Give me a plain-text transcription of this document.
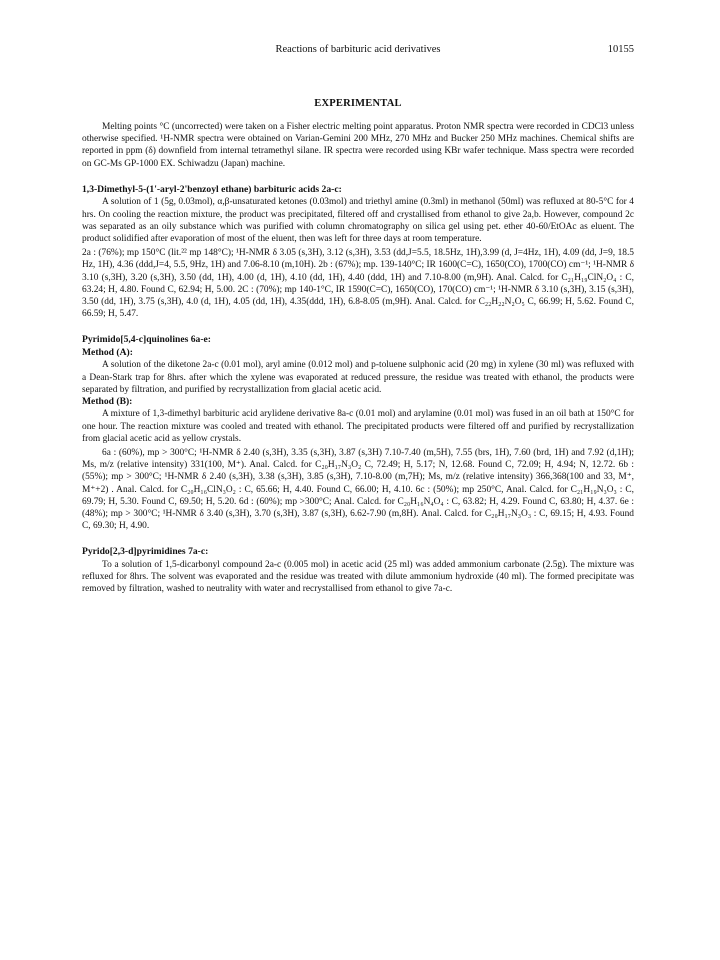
Reactions of barbituric acid derivatives	10155
EXPERIMENTAL

Melting points °C (uncorrected) were taken on a Fisher electric melting point apparatus. Proton NMR spectra were recorded in CDCl3 unless otherwise specified. ¹H-NMR spectra were obtained on Varian-Gemini 200 MHz, 270 MHz and Bucker 250 MHz machines. Chemical shifts are reported in ppm (δ) downfield from internal tetramethyl silane. IR spectra were recorded using KBr wafer technique. Mass spectra were recorded on GC-Ms GP-1000 EX. Schiwadzu (Japan) machine.

1,3-Dimethyl-5-(1'-aryl-2'benzoyl ethane) barbituric acids 2a-c:

A solution of 1 (5g, 0.03mol), α,β-unsaturated ketones (0.03mol) and triethyl amine (0.3ml) in methanol (50ml) was refluxed at 80-5°C for 4 hrs. On cooling the reaction mixture, the product was precipitated, filtered off and crystallised from ethanol to give 2a,b. However, compound 2c was separated as an oily substance which was purified with column chromatography on silica gel using pet. ether 40-60/EtOAc as eluent. The product solidified after evaporation of most of the eluent, then was left for three days at room temperature.

2a : (76%); mp 150°C (lit.²² mp 148°C); ¹H-NMR δ 3.05 (s,3H), 3.12 (s,3H), 3.53 (dd,J=5.5, 18.5Hz, 1H),3.99 (d, J=4Hz, 1H), 4.09 (dd, J=9, 18.5 Hz, 1H), 4.36 (ddd,J=4, 5.5, 9Hz, 1H) and 7.06-8.10 (m,10H). 2b : (67%); mp. 139-140°C; IR 1600(C=C), 1650(CO), 1700(CO) cm⁻¹; ¹H-NMR δ 3.10 (s,3H), 3.20 (s,3H), 3.50 (dd, 1H), 4.00 (d, 1H), 4.10 (dd, 1H), 4.40 (ddd, 1H) and 7.10-8.00 (m,9H). Anal. Calcd. for C₂₁H₁₉ClN₂O₄ : C, 63.24; H, 4.80. Found C, 62.94; H, 5.00. 2C : (70%); mp 140-1°C, IR 1590(C=C), 1650(CO), 170(CO) cm⁻¹; ¹H-NMR δ 3.10 (s,3H), 3.15 (s,3H), 3.50 (dd, 1H), 3.75 (s,3H), 4.0 (d, 1H), 4.05 (dd, 1H), 4.35(ddd, 1H), 6.8-8.05 (m,9H). Anal. Calcd. for C₂₂H₂₂N₂O₅ C, 66.99; H, 5.62. Found C, 66.59; H, 5.47.

Pyrimido[5,4-c]quinolines 6a-e:
Method (A):

A solution of the diketone 2a-c (0.01 mol), aryl amine (0.012 mol) and p-toluene sulphonic acid (20 mg) in xylene (30 ml) was refluxed with a Dean-Stark trap for 8hrs. after which the xylene was evaporated at reduced pressure, the residue was treated with ethanol, the products were separated by filtration, and purified by recrystallization from glacial acetic acid.

Method (B):

A mixture of 1,3-dimethyl barbituric acid arylidene derivative 8a-c (0.01 mol) and arylamine (0.01 mol) was fused in an oil bath at 150°C for one hour. The reaction mixture was cooled and treated with ethanol. The precipitated products were filtered off and purified by recrystallization from glacial acetic acid as yellow crystals.

6a : (60%), mp > 300°C; ¹H-NMR δ 2.40 (s,3H), 3.35 (s,3H), 3.87 (s,3H) 7.10-7.40 (m,5H), 7.55 (brs, 1H), 7.60 (brd, 1H) and 7.92 (d,1H); Ms, m/z (relative intensity) 331(100, M⁺). Anal. Calcd. for C₂₀H₁₇N₃O₂ C, 72.49; H, 5.17; N, 12.68. Found C, 72.09; H, 4.94; N, 12.72. 6b : (55%); mp > 300°C; ¹H-NMR δ 2.40 (s,3H), 3.38 (s,3H), 3.85 (s,3H), 7.10-8.00 (m,7H); Ms, m/z (relative intensity) 366,368(100 and 33, M⁺, M⁺+2) . Anal. Calcd. for C₂₀H₁₆ClN₃O₂ : C, 65.66; H, 4.40. Found C, 66.00; H, 4.10. 6c : (50%); mp 250°C, Anal. Calcd. for C₂₁H₁₉N₃O₃ : C, 69.79; H, 5.30. Found C, 69.50; H, 5.20. 6d : (60%); mp >300°C; Anal. Calcd. for C₂₀H₁₆N₄O₄ : C, 63.82; H, 4.29. Found C, 63.80; H, 4.37. 6e : (48%); mp > 300°C; ¹H-NMR δ 3.40 (s,3H), 3.70 (s,3H), 3.87 (s,3H), 6.62-7.90 (m,8H). Anal. Calcd. for C₂₀H₁₇N₃O₃ : C, 69.15; H, 4.93. Found C, 69.30; H, 4.90.

Pyrido[2,3-d]pyrimidines 7a-c:

To a solution of 1,5-dicarbonyl compound 2a-c (0.005 mol) in acetic acid (25 ml) was added ammonium carbonate (2.5g). The mixture was refluxed for 8hrs. The solvent was evaporated and the residue was treated with dilute ammonium hydroxide (40 ml). The formed precipitate was removed by filtration, washed to neutrality with water and recrystallised from ethanol to give 7a-c.
